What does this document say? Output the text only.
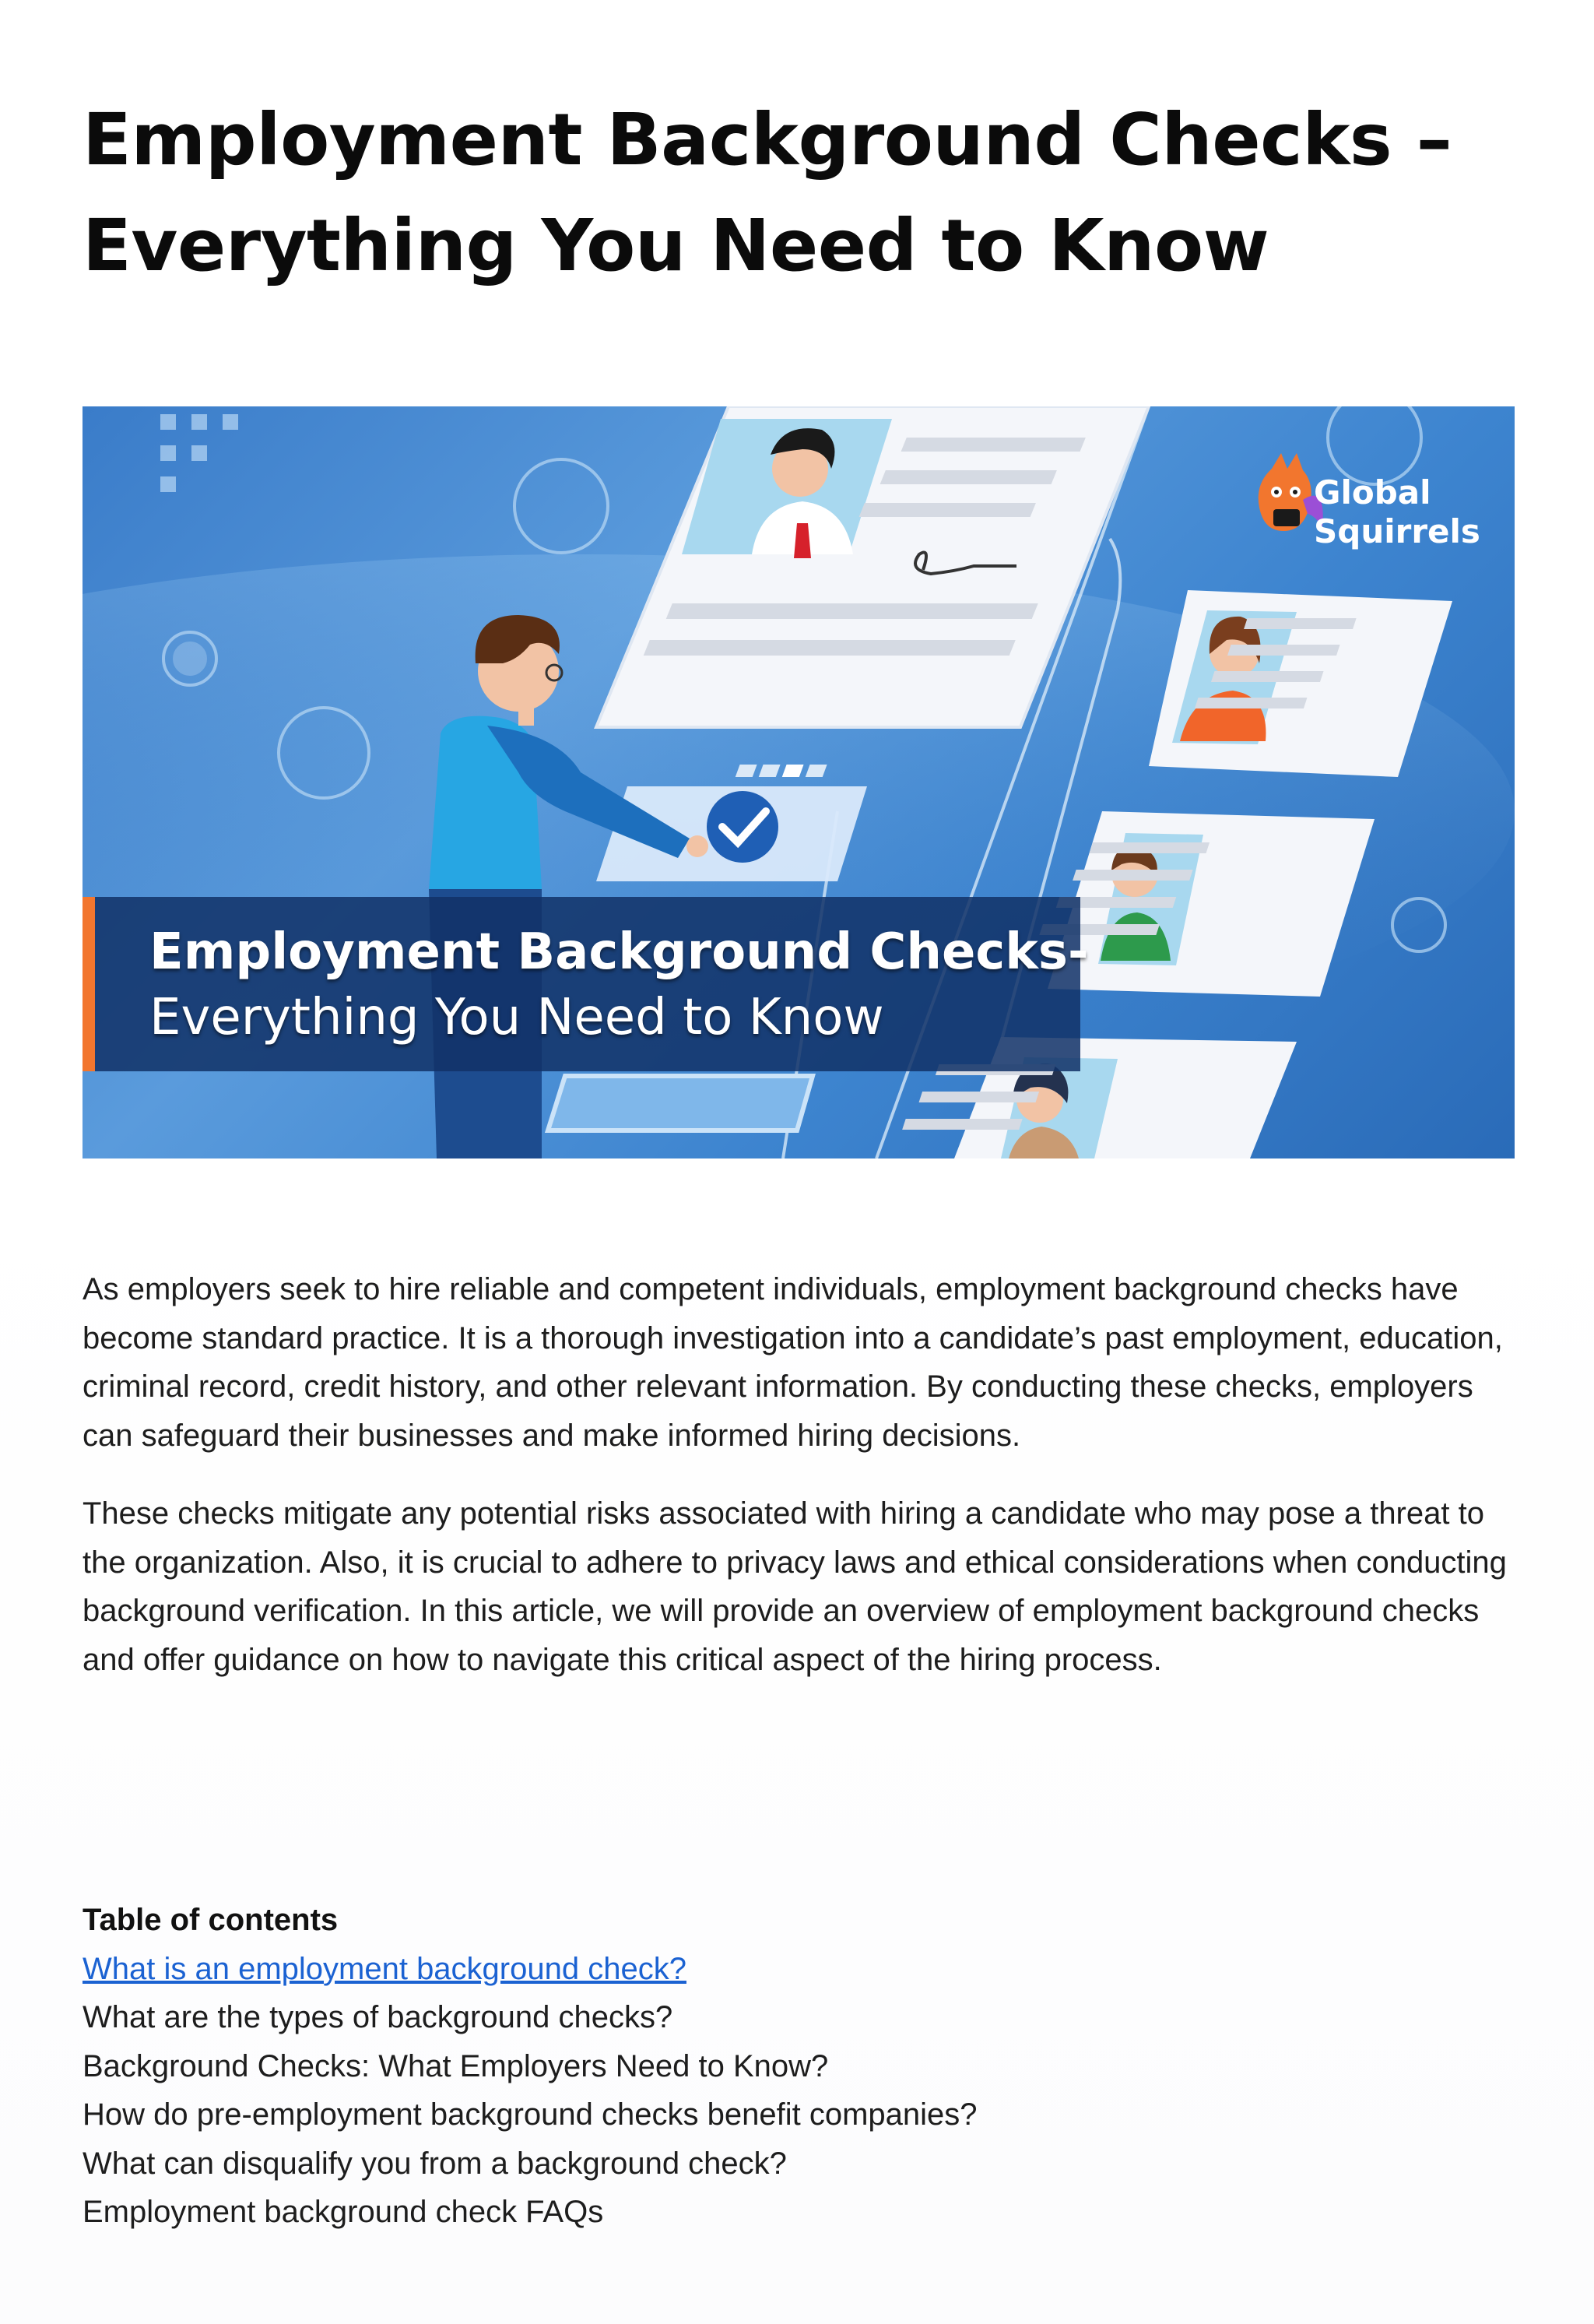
Employment Background Checks –
Everything You Need to Know
Global
Squirrels
Employment Background Checks-
Everything You Need to Know

As employers seek to hire reliable and competent individuals, employment background checks have become standard practice. It is a thorough investigation into a candidate’s past employment, education, criminal record, credit history, and other relevant information. By conducting these checks, employers can safeguard their businesses and make informed hiring decisions.

These checks mitigate any potential risks associated with hiring a candidate who may pose a threat to the organization. Also, it is crucial to adhere to privacy laws and ethical considerations when conducting background verification. In this article, we will provide an overview of employment background checks and offer guidance on how to navigate this critical aspect of the hiring process.

Table of contents
What is an employment background check?
What are the types of background checks?
Background Checks: What Employers Need to Know?
How do pre-employment background checks benefit companies?
What can disqualify you from a background check?
Employment background check FAQs
